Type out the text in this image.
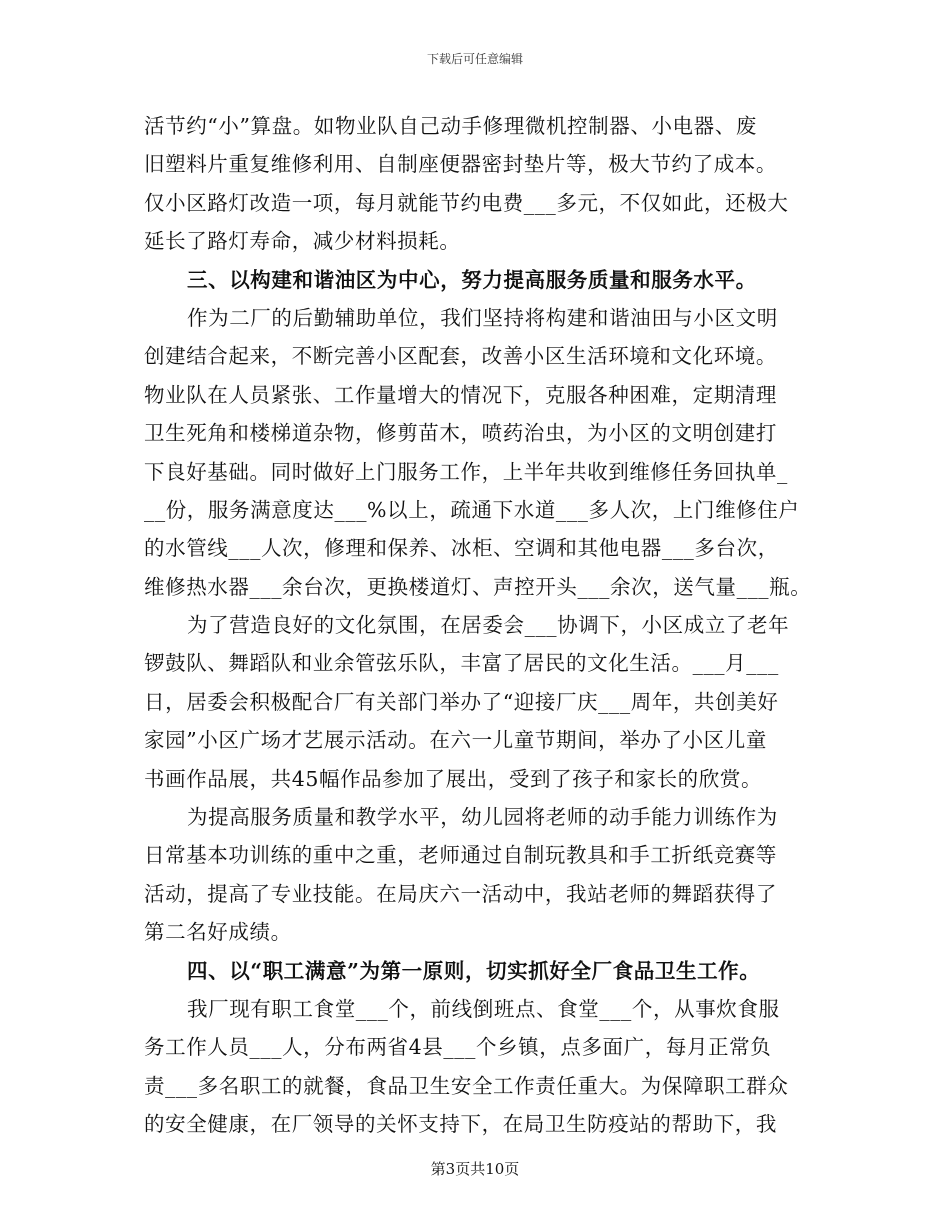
下载后可任意编辑
活节约“小”算盘。如物业队自己动手修理微机控制器、小电器、废
旧塑料片重复维修利用、自制座便器密封垫片等，极大节约了成本。
仅小区路灯改造一项，每月就能节约电费___多元，不仅如此，还极大
延长了路灯寿命，减少材料损耗。
三、以构建和谐油区为中心，努力提高服务质量和服务水平。
作为二厂的后勤辅助单位，我们坚持将构建和谐油田与小区文明
创建结合起来，不断完善小区配套，改善小区生活环境和文化环境。
物业队在人员紧张、工作量增大的情况下，克服各种困难，定期清理
卫生死角和楼梯道杂物，修剪苗木，喷药治虫，为小区的文明创建打
下良好基础。同时做好上门服务工作，上半年共收到维修任务回执单_
__份，服务满意度达___%以上，疏通下水道___多人次，上门维修住户
的水管线___人次，修理和保养、冰柜、空调和其他电器___多台次，
维修热水器___余台次，更换楼道灯、声控开头___余次，送气量___瓶。
为了营造良好的文化氛围，在居委会___协调下，小区成立了老年
锣鼓队、舞蹈队和业余管弦乐队，丰富了居民的文化生活。___月___
日，居委会积极配合厂有关部门举办了“迎接厂庆___周年，共创美好
家园”小区广场才艺展示活动。在六一儿童节期间，举办了小区儿童
书画作品展，共45幅作品参加了展出，受到了孩子和家长的欣赏。
为提高服务质量和教学水平，幼儿园将老师的动手能力训练作为
日常基本功训练的重中之重，老师通过自制玩教具和手工折纸竞赛等
活动，提高了专业技能。在局庆六一活动中，我站老师的舞蹈获得了
第二名好成绩。
四、以“职工满意”为第一原则，切实抓好全厂食品卫生工作。
我厂现有职工食堂___个，前线倒班点、食堂___个，从事炊食服
务工作人员___人，分布两省4县___个乡镇，点多面广，每月正常负
责___多名职工的就餐，食品卫生安全工作责任重大。为保障职工群众
的安全健康，在厂领导的关怀支持下，在局卫生防疫站的帮助下，我
第3页共10页
